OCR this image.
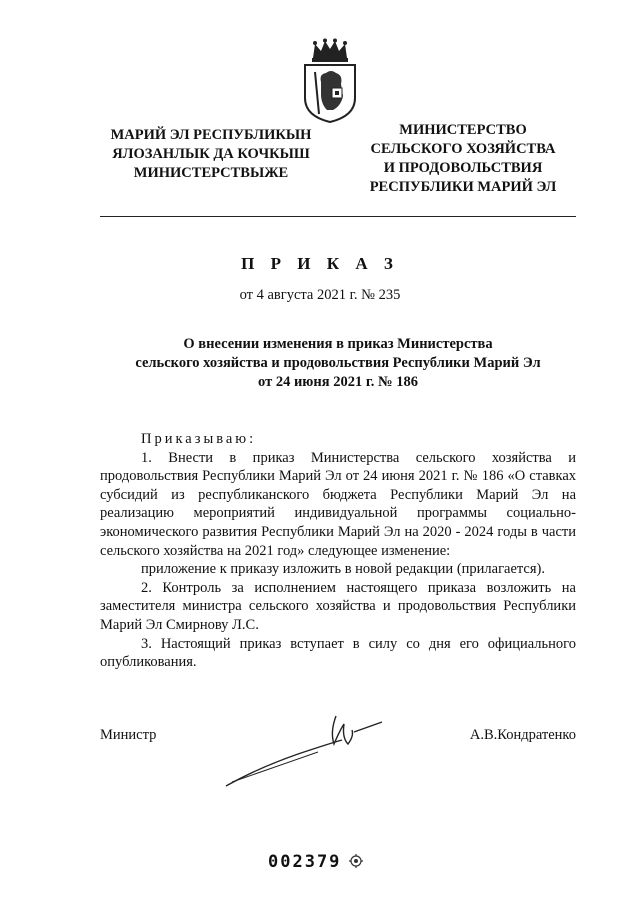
МАРИЙ ЭЛ РЕСПУБЛИКЫН
ЯЛОЗАНЛЫК ДА КОЧКЫШ
МИНИСТЕРСТВЫЖЕ
МИНИСТЕРСТВО
СЕЛЬСКОГО ХОЗЯЙСТВА
И ПРОДОВОЛЬСТВИЯ
РЕСПУБЛИКИ МАРИЙ ЭЛ
П Р И К А З
от 4 августа 2021 г. № 235
О внесении изменения в приказ Министерства
сельского хозяйства и продовольствия Республики Марий Эл
от 24 июня 2021 г. № 186

Приказываю:

1. Внести в приказ Министерства сельского хозяйства и продовольствия Республики Марий Эл от 24 июня 2021 г. № 186 «О ставках субсидий из республиканского бюджета Республики Марий Эл на реализацию мероприятий индивидуальной программы социально-экономического развития Республики Марий Эл на 2020 - 2024 годы в части сельского хозяйства на 2021 год» следующее изменение:

приложение к приказу изложить в новой редакции (прилагается).

2. Контроль за исполнением настоящего приказа возложить на заместителя министра сельского хозяйства и продовольствия Республики Марий Эл Смирнову Л.С.

3. Настоящий приказ вступает в силу со дня его официального опубликования.

Министр	А.В.Кондратенко
002379
